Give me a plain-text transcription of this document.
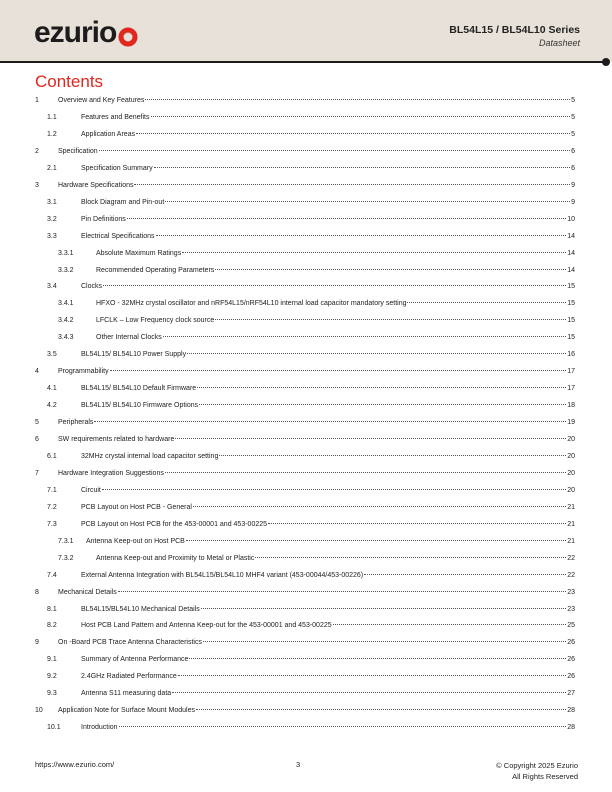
ezurio	BL54L15 / BL54L10 Series
Datasheet
Contents
1	Overview and Key Features	5
1.1	Features and Benefits	5
1.2	Application Areas	5
2	Specification	6
2.1	Specification Summary	6
3	Hardware Specifications	9
3.1	Block Diagram and Pin-out	9
3.2	Pin Definitions	10
3.3	Electrical Specifications	14
3.3.1	Absolute Maximum Ratings	14
3.3.2	Recommended Operating Parameters	14
3.4	Clocks	15
3.4.1	HFXO - 32MHz crystal oscillator and nRF54L15/nRF54L10 internal load capacitor mandatory setting	15
3.4.2	LFCLK – Low Frequency clock source	15
3.4.3	Other Internal Clocks	15
3.5	BL54L15/ BL54L10 Power Supply	16
4	Programmability	17
4.1	BL54L15/ BL54L10 Default Firmware	17
4.2	BL54L15/ BL54L10 Firmware Options	18
5	Peripherals	19
6	SW requirements related to hardware	20
6.1	32MHz crystal internal load capacitor setting	20
7	Hardware Integration Suggestions	20
7.1	Circuit	20
7.2	PCB Layout on Host PCB - General	21
7.3	PCB Layout on Host PCB for the 453-00001 and 453-00225	21
7.3.1	Antenna Keep-out on Host PCB	21
7.3.2	Antenna Keep-out and Proximity to Metal or Plastic	22
7.4	External Antenna Integration with BL54L15/BL54L10 MHF4 variant (453-00044/453-00226)	22
8	Mechanical Details	23
8.1	BL54L15/BL54L10 Mechanical Details	23
8.2	Host PCB Land Pattern and Antenna Keep-out for the 453-00001 and 453-00225	25
9	On -Board PCB Trace Antenna Characteristics	26
9.1	Summary of Antenna Performance	26
9.2	2.4GHz Radiated Performance	26
9.3	Antenna S11 measuring data	27
10	Application Note for Surface Mount Modules	28
10.1	Introduction	28
https://www.ezurio.com/	3	© Copyright 2025 Ezurio
All Rights Reserved
